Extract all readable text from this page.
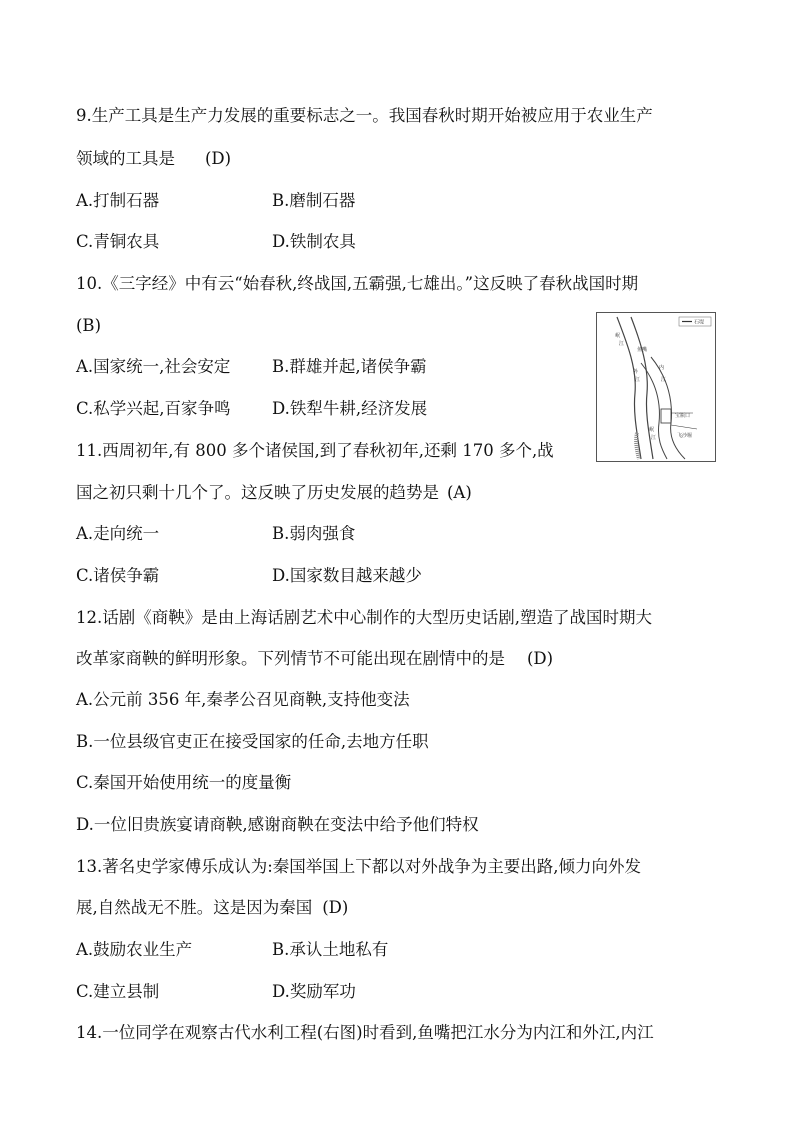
9.生产工具是生产力发展的重要标志之一。我国春秋时期开始被应用于农业生产
领域的工具是 (D)
A.打制石器	B.磨制石器
C.青铜农具	D.铁制农具
10.《三字经》中有云“始春秋,终战国,五霸强,七雄出。”这反映了春秋战国时期
(B)
A.国家统一,社会安定	B.群雄并起,诸侯争霸
C.私学兴起,百家争鸣	D.铁犁牛耕,经济发展
石堤
岷
江
鱼嘴
外
江
内
江
宝瓶口
飞沙堰
岷
江
11.西周初年,有 800 多个诸侯国,到了春秋初年,还剩 170 多个,战
国之初只剩十几个了。这反映了历史发展的趋势是 (A)
A.走向统一	B.弱肉强食
C.诸侯争霸	D.国家数目越来越少
12.话剧《商鞅》是由上海话剧艺术中心制作的大型历史话剧,塑造了战国时期大
改革家商鞅的鲜明形象。下列情节不可能出现在剧情中的是 (D)
A.公元前 356 年,秦孝公召见商鞅,支持他变法
B.一位县级官吏正在接受国家的任命,去地方任职
C.秦国开始使用统一的度量衡
D.一位旧贵族宴请商鞅,感谢商鞅在变法中给予他们特权
13.著名史学家傅乐成认为:秦国举国上下都以对外战争为主要出路,倾力向外发
展,自然战无不胜。这是因为秦国 (D)
A.鼓励农业生产	B.承认土地私有
C.建立县制	D.奖励军功
14.一位同学在观察古代水利工程(右图)时看到,鱼嘴把江水分为内江和外江,内江
